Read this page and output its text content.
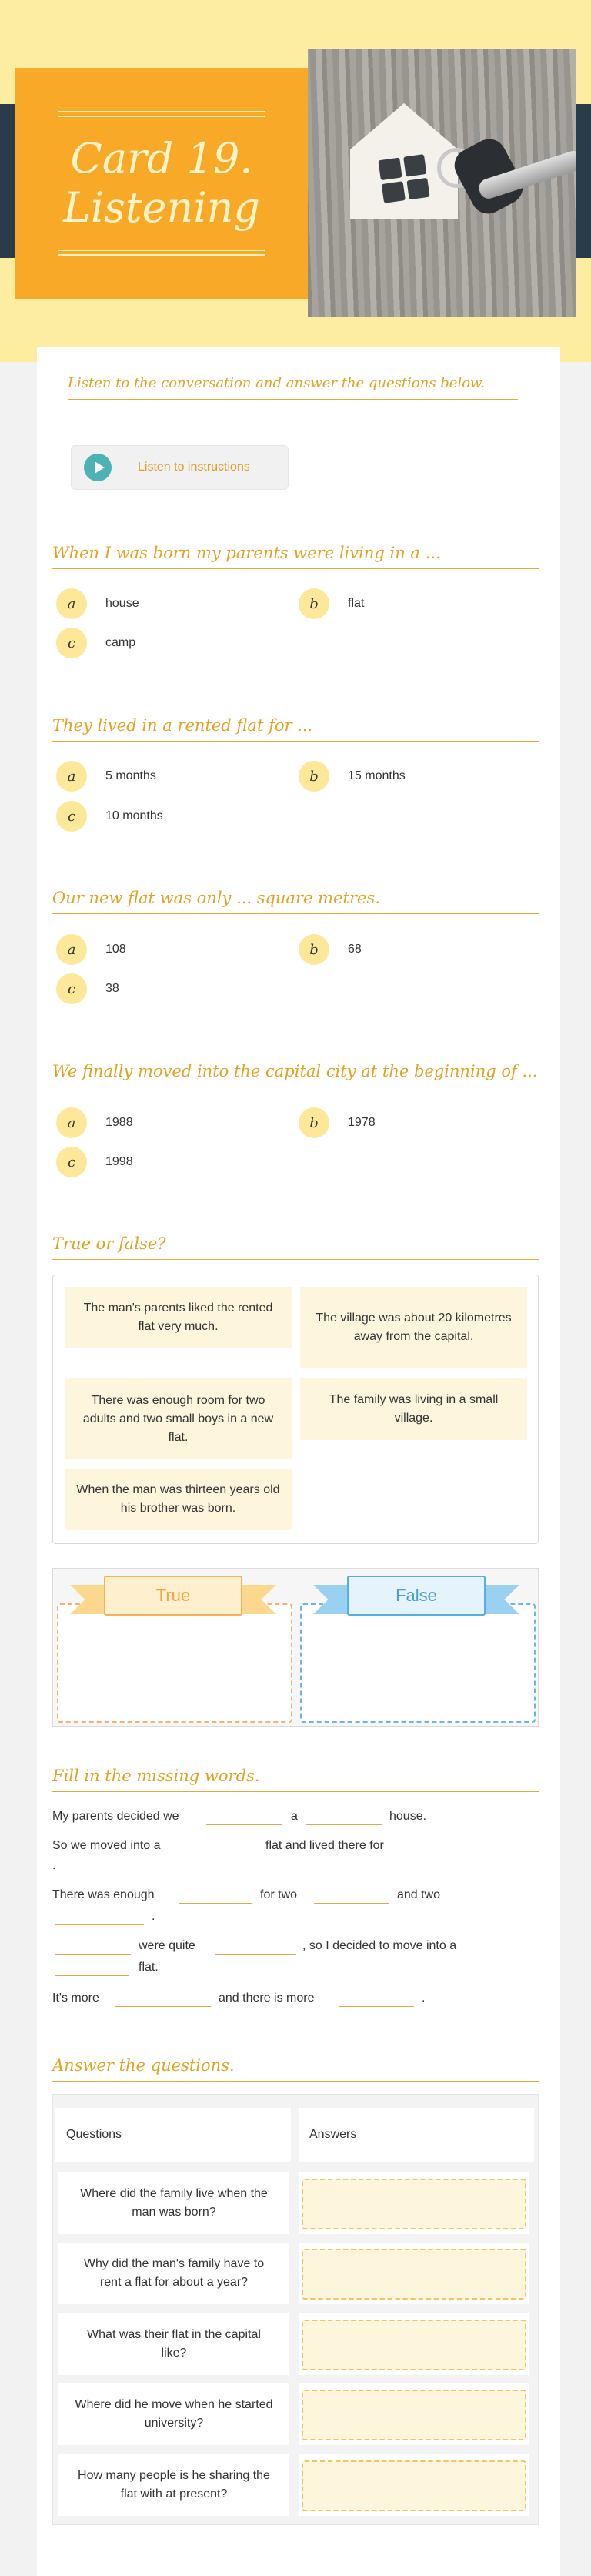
Card 19.
Listening
Listen to the conversation and answer the questions below.
Listen to instructions
When I was born my parents were living in a ...
a	house	b	flat
c	camp
They lived in a rented flat for ...
a	5 months	b	15 months
c	10 months
Our new flat was only ... square metres.
a	108	b	68
c	38
We finally moved into the capital city at the beginning of ...
a	1988	b	1978
c	1998
True or false?
The man's parents liked the rented flat very much.
The village was about 20 kilometres away from the capital.
There was enough room for two adults and two small boys in a new flat.
The family was living in a small village.
When the man was thirteen years old his brother was born.
True	False
Fill in the missing words.
My parents decided we	a	house.
So we moved into a	flat and lived there for
.
There was enough	for two	and two
.
were quite	, so I decided to move into a
flat.
It's more	and there is more	.
Answer the questions.
Questions	Answers
Where did the family live when the man was born?
Why did the man's family have to rent a flat for about a year?
What was their flat in the capital like?
Where did he move when he started university?
How many people is he sharing the flat with at present?
